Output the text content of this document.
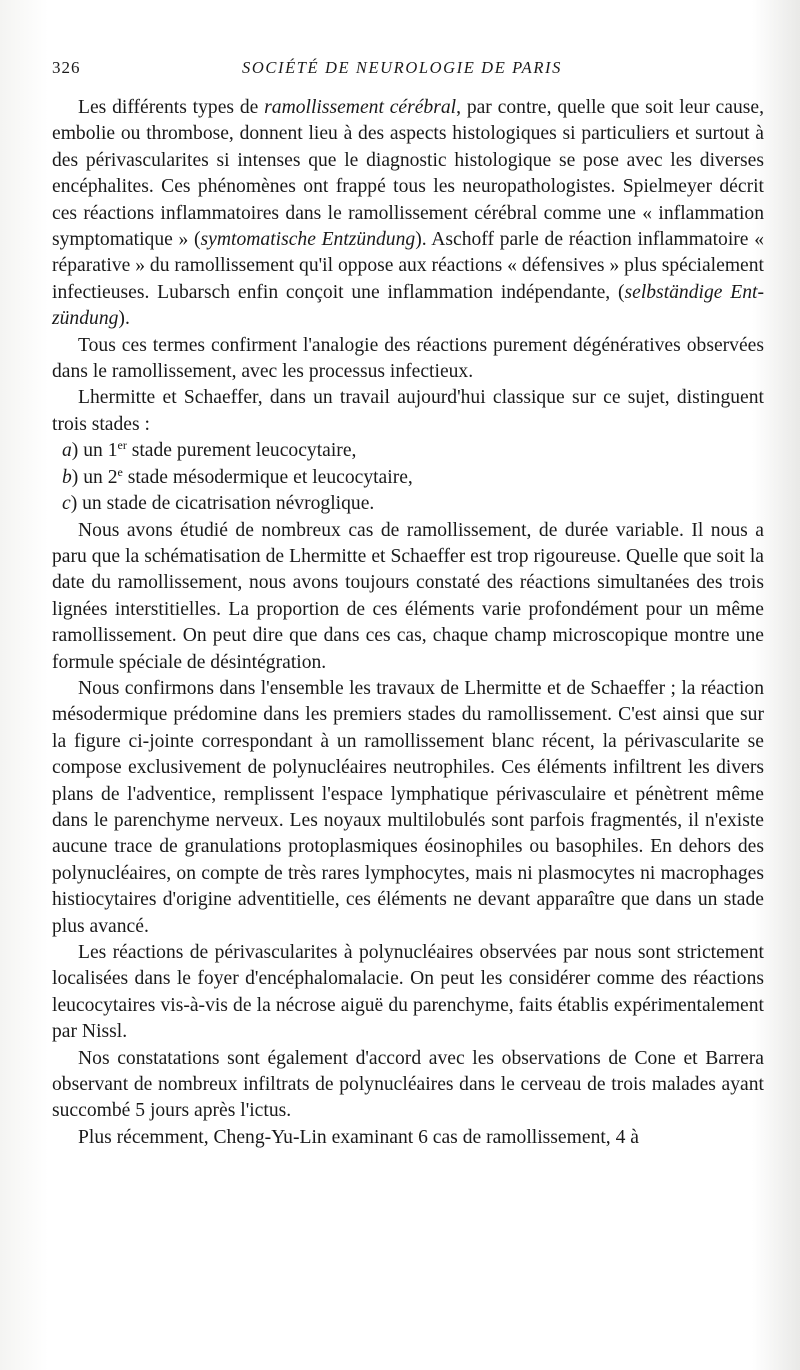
326	SOCIÉTÉ DE NEUROLOGIE DE PARIS

Les différents types de ramollissement cérébral, par contre, quelle que soit leur cause, embolie ou thrombose, donnent lieu à des aspects histologiques si particuliers et surtout à des périvascularites si intenses que le diagnostic histologique se pose avec les diverses encéphalites. Ces phénomènes ont frappé tous les neuropathologistes. Spielmeyer décrit ces réactions inflammatoires dans le ramollissement cérébral comme une « inflammation symptomatique » (symtomatische Entzündung). Aschoff parle de réaction inflammatoire « réparative » du ramollissement qu'il oppose aux réactions « défensives » plus spécialement infectieuses. Lubarsch enfin conçoit une inflammation indépendante, (selbständige Entzündung).

Tous ces termes confirment l'analogie des réactions purement dégénératives observées dans le ramollissement, avec les processus infectieux.

Lhermitte et Schaeffer, dans un travail aujourd'hui classique sur ce sujet, distinguent trois stades :

a) un 1er stade purement leucocytaire,

b) un 2e stade mésodermique et leucocytaire,

c) un stade de cicatrisation névroglique.

Nous avons étudié de nombreux cas de ramollissement, de durée variable. Il nous a paru que la schématisation de Lhermitte et Schaeffer est trop rigoureuse. Quelle que soit la date du ramollissement, nous avons toujours constaté des réactions simultanées des trois lignées interstitielles. La proportion de ces éléments varie profondément pour un même ramollissement. On peut dire que dans ces cas, chaque champ microscopique montre une formule spéciale de désintégration.

Nous confirmons dans l'ensemble les travaux de Lhermitte et de Schaeffer ; la réaction mésodermique prédomine dans les premiers stades du ramollissement. C'est ainsi que sur la figure ci-jointe correspondant à un ramollissement blanc récent, la périvascularite se compose exclusivement de polynucléaires neutrophiles. Ces éléments infiltrent les divers plans de l'adventice, remplissent l'espace lymphatique périvasculaire et pénètrent même dans le parenchyme nerveux. Les noyaux multilobulés sont parfois fragmentés, il n'existe aucune trace de granulations protoplasmiques éosinophiles ou basophiles. En dehors des polynucléaires, on compte de très rares lymphocytes, mais ni plasmocytes ni macrophages histiocytaires d'origine adventitielle, ces éléments ne devant apparaître que dans un stade plus avancé.

Les réactions de périvascularites à polynucléaires observées par nous sont strictement localisées dans le foyer d'encéphalomalacie. On peut les considérer comme des réactions leucocytaires vis-à-vis de la nécrose aiguë du parenchyme, faits établis expérimentalement par Nissl.

Nos constatations sont également d'accord avec les observations de Cone et Barrera observant de nombreux infiltrats de polynucléaires dans le cerveau de trois malades ayant succombé 5 jours après l'ictus.

Plus récemment, Cheng-Yu-Lin examinant 6 cas de ramollissement, 4 à
